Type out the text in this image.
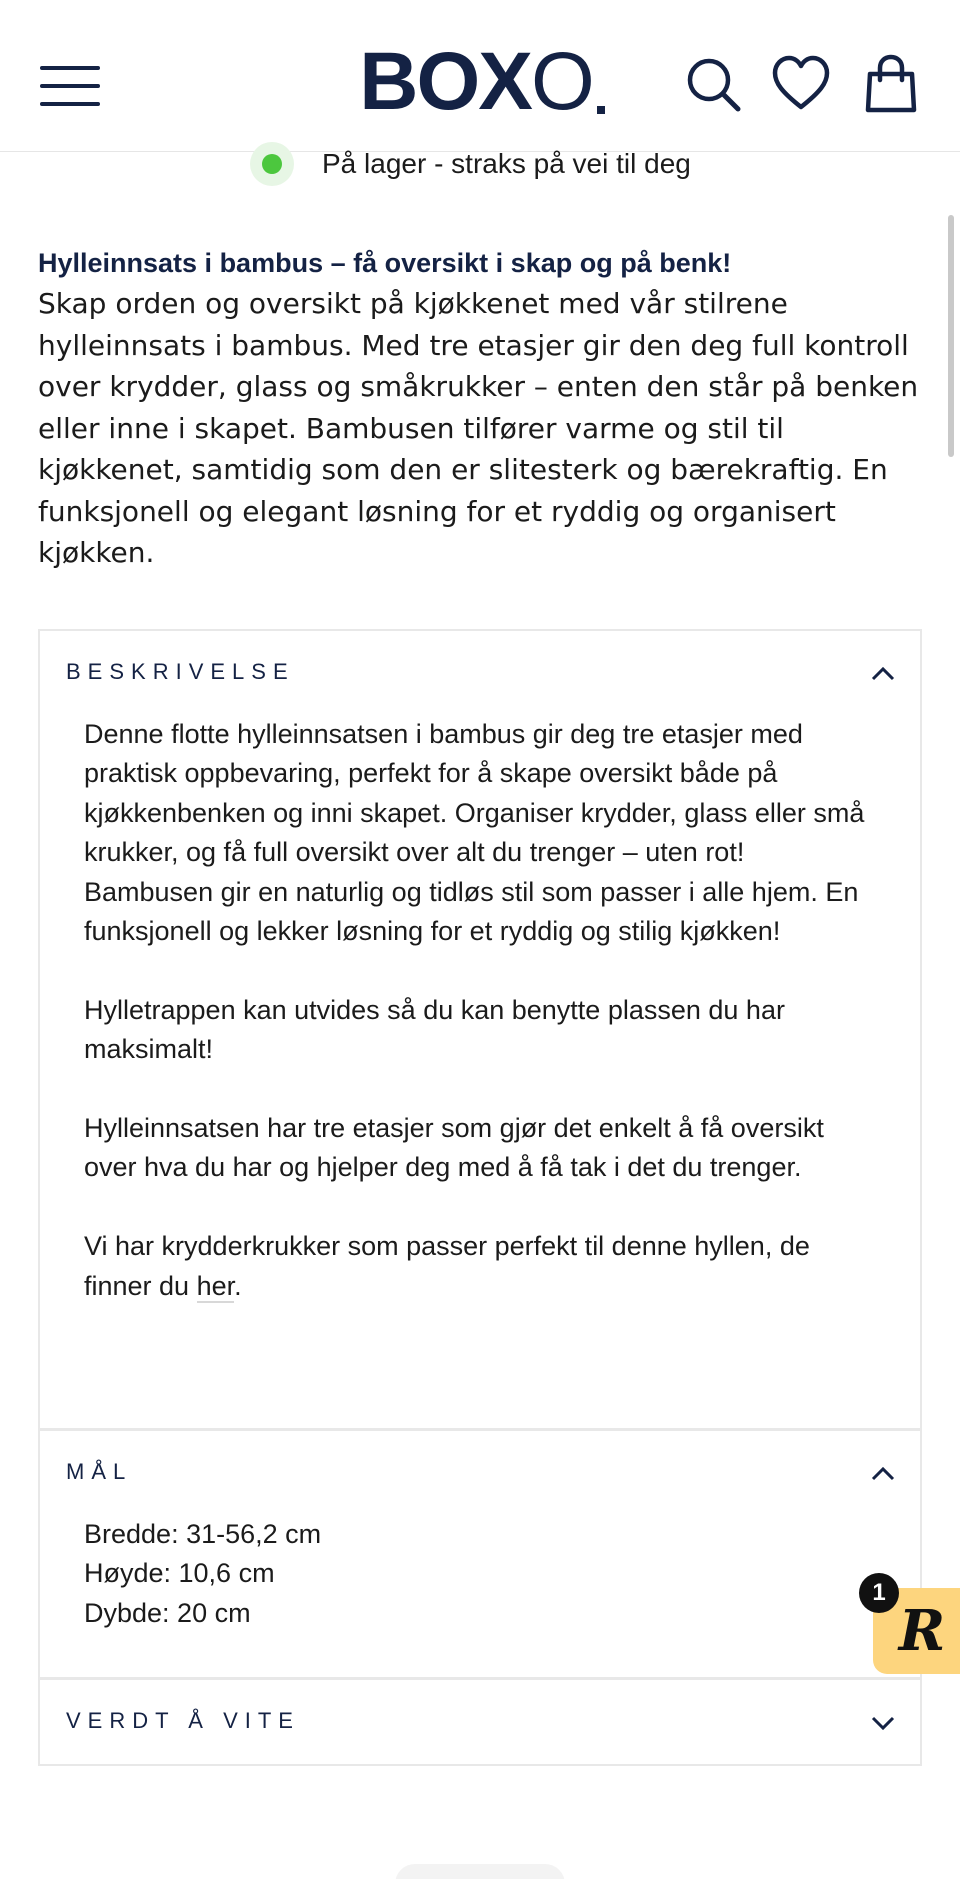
BOX O
På lager - straks på vei til deg
Hylleinnsats i bambus – få oversikt i skap og på benk!
Skap orden og oversikt på kjøkkenet med vår stilrene hylleinnsats i bambus. Med tre etasjer gir den deg full kontroll over krydder, glass og småkrukker – enten den står på benken eller inne i skapet. Bambusen tilfører varme og stil til kjøkkenet, samtidig som den er slitesterk og bærekraftig. En funksjonell og elegant løsning for et ryddig og organisert kjøkken.
BESKRIVELSE

Denne flotte hylleinnsatsen i bambus gir deg tre etasjer med praktisk oppbevaring, perfekt for å skape oversikt både på kjøkkenbenken og inni skapet. Organiser krydder, glass eller små krukker, og få full oversikt over alt du trenger – uten rot! Bambusen gir en naturlig og tidløs stil som passer i alle hjem. En funksjonell og lekker løsning for et ryddig og stilig kjøkken!

Hylletrappen kan utvides så du kan benytte plassen du har maksimalt!

Hylleinnsatsen har tre etasjer som gjør det enkelt å få oversikt over hva du har og hjelper deg med å få tak i det du trenger.

Vi har krydderkrukker som passer perfekt til denne hyllen, de finner du her.

MÅL

Bredde: 31-56,2 cm

Høyde: 10,6 cm

Dybde: 20 cm

VERDT Å VITE
R
1
